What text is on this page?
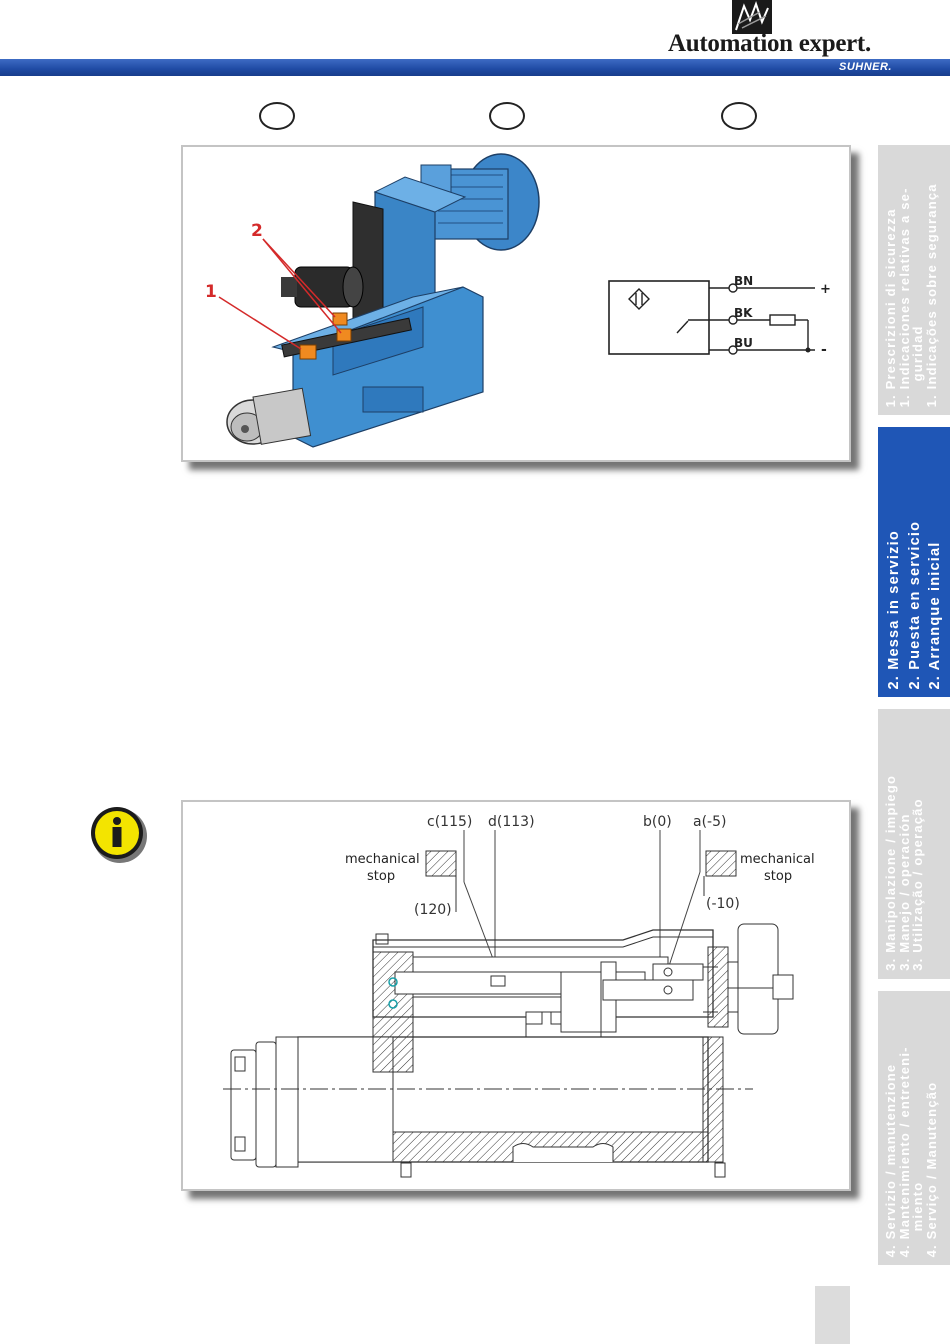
Automation expert.
SUHNER.
1
2
BN
BK
BU
+
-
c(115) d(113)	b(0) a(-5)
mechanical
stop
mechanical
stop
(120)	(-10)
1. Prescrizioni di sicurezza
1. Indicaciones relativas a se-
guridad
1. Indicações sobre segurança
2. Messa in servizio 2. Puesta en servicio 2. Arranque inicial
3. Manipolazione / impiego
3. Manejo / operación
3. Utilização / operação
4. Servizio / manutenzione
4. Mantenimiento / entreteni-
miento
4. Serviço / Manutenção
